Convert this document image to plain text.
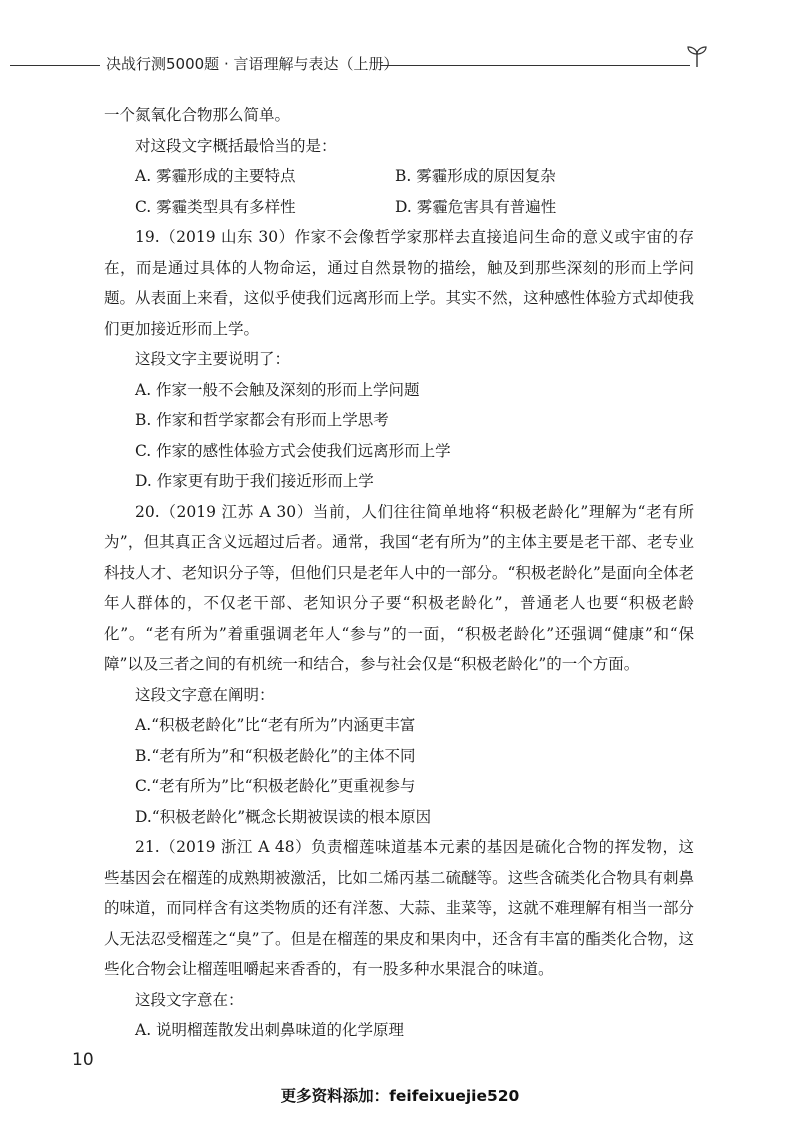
决战行测5000题 · 言语理解与表达（上册）

一个氮氧化合物那么简单。

对这段文字概括最恰当的是：

A. 雾霾形成的主要特点	B. 雾霾形成的原因复杂
C. 雾霾类型具有多样性	D. 雾霾危害具有普遍性

19.（2019 山东 30）作家不会像哲学家那样去直接追问生命的意义或宇宙的存在，而是通过具体的人物命运，通过自然景物的描绘，触及到那些深刻的形而上学问题。从表面上来看，这似乎使我们远离形而上学。其实不然，这种感性体验方式却使我们更加接近形而上学。

这段文字主要说明了：

A. 作家一般不会触及深刻的形而上学问题

B. 作家和哲学家都会有形而上学思考

C. 作家的感性体验方式会使我们远离形而上学

D. 作家更有助于我们接近形而上学

20.（2019 江苏 A 30）当前，人们往往简单地将“积极老龄化”理解为“老有所为”，但其真正含义远超过后者。通常，我国“老有所为”的主体主要是老干部、老专业科技人才、老知识分子等，但他们只是老年人中的一部分。“积极老龄化”是面向全体老年人群体的，不仅老干部、老知识分子要“积极老龄化”，普通老人也要“积极老龄化”。“老有所为”着重强调老年人“参与”的一面，“积极老龄化”还强调“健康”和“保障”以及三者之间的有机统一和结合，参与社会仅是“积极老龄化”的一个方面。

这段文字意在阐明：

A.“积极老龄化”比“老有所为”内涵更丰富

B.“老有所为”和“积极老龄化”的主体不同

C.“老有所为”比“积极老龄化”更重视参与

D.“积极老龄化”概念长期被误读的根本原因

21.（2019 浙江 A 48）负责榴莲味道基本元素的基因是硫化合物的挥发物，这些基因会在榴莲的成熟期被激活，比如二烯丙基二硫醚等。这些含硫类化合物具有刺鼻的味道，而同样含有这类物质的还有洋葱、大蒜、韭菜等，这就不难理解有相当一部分人无法忍受榴莲之“臭”了。但是在榴莲的果皮和果肉中，还含有丰富的酯类化合物，这些化合物会让榴莲咀嚼起来香香的，有一股多种水果混合的味道。

这段文字意在：

A. 说明榴莲散发出刺鼻味道的化学原理

10
更多资料添加：feifeixuejie520
